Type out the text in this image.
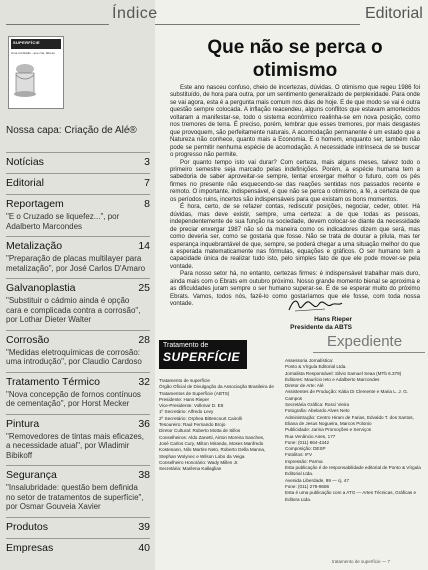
Índice	Editorial
SUPERFÍCIE
Uma confissão - que cria, fala ao
Nossa capa: Criação de Alé®
Notícias	3
Editorial	7
Reportagem	8
"E o Cruzado se liquefez...", por Adalberto Marcondes
Metalização	14
"Preparação de placas multilayer para metalização", por José Carlos D'Amaro
Galvanoplastia	25
"Substituir o cádmio ainda é opção cara e complicada contra a corrosão", por Lothar Dieter Walter
Corrosão	28
"Medidas eletroquímicas de corrosão: uma introdução", por Claudio Cardoso
Tratamento Térmico	32
"Nova concepção de fornos contínuos de cementação", por Horst Mecker
Pintura	36
"Removedores de tintas mais eficazes, a necessidade atual", por Wladimir Bibikoff
Segurança	38
"Insalubridade: questão bem definida no setor de tratamentos de superfície", por Osmar Gouveia Xavier
Produtos	39
Empresas	40
Que não se perca o otimismo

Este ano nasceu confuso, cheio de incertezas, dúvidas. O otimismo que regeu 1986 foi substituído, de hora para outra, por um sentimento generalizado de perplexidade. Para onde se vai agora, esta é a pergunta mais comum nos dias de hoje. E de que modo se vai é outra questão sempre colocada. A inflação reacendeu, alguns conflitos que estavam amortecidos voltaram a manifestar-se, todo o sistema econômico realinha-se em nova posição, como nos tremores de terra. É preciso, porém, lembrar que esses tremores, por mais desgastes que provoquem, são perfeitamente naturais. A acomodação permanente é um estado que a Natureza não conhece, quanto mais a Economia. E o homem, enquanto ser, também não pode se permitir nenhuma espécie de acomodação. A necessidade intrínseca de se buscar o progresso não permite.

Por quanto tempo isto vai durar? Com certeza, mais alguns meses, talvez todo o primeiro semestre seja marcado pelas indefinições. Porém, a espécie humana tem a sabedoria de saber aproveitar-se sempre, tentar enxergar melhor o futuro, com os pés firmes no presente não esquecendo-se das reações sentidas nos passados recente e remoto. O importante, indispensável, é que não se perca o otimismo, a fé, a certeza de que os períodos ruins, incertos são indispensáveis para que existam os bons momentos.

É hora, certo, de se refazer contas, rediscutir posições, negociar, ceder, obter. Há dúvidas, mas deve existir, sempre, uma certeza: a de que todas as pessoas, independentemente de sua função na sociedade, devem colocar-se diante da necessidade de preciar enxergar 1987 não só da maneira como os indicadores dizem que será, mas como deveria ser, como se gostaria que fosse. Não se trata de dourar a pílula, mas ter esperança inquebrantável de que, sempre, se poderá chegar a uma situação melhor do que a esperada matematicamente nas fórmulas, equações e gráficos. O ser humano tem a capacidade única de realizar tudo isto, pelo simples fato de que ele pode mover-se pela vontade.

Para nosso setor há, no entanto, certezas firmes: é indispensável trabalhar mais duro, ainda mais com o Ebrats em outubro próximo. Nosso grande momento bienal se aproxima e as dificuldades juram sempre o ser humano superar-se. É de se esperar muito do próximo Ebrats. Vamos, todos nós, fazê-lo como gostaríamos que ele fosse, com toda nossa vontade.

Hans Rieper
Presidente da ABTS
Expediente
Tratamento de
SUPERFÍCIE
Tratamento de superfície
Órgão Oficial de Divulgação da Associação Brasileira de Tratamentos de Superfície (ABTS)
Presidente: Hans Rieper
Vice-Presidente: Volkmar D. Ett
1º Secretário: Alfredo Levy
2º Secretário: Orphea Bittencourt Cairolli
Tesoureiro: Raul Fernando Brojo
Diretor Cultural: Roberto Motta de Sillos
Conselheiros: Aldo Zanetti, Airton Moreira Sanches, José Carlos Cury, Milton Miranda, Moses Manfredo Kostenann, Nilo Martire Neto, Roberto Della Manna, Stephan Wolynec e Wilson Lobo da Veiga
Conselheiro Honorário: Wady Millen Jr.
Secretária: Marilena Kallaglian
Assessoria Jornalística:
Ponto & Vírgula Editorial Ltda.
Jornalista Responsável: Silvio Samuel Seaa (MTb 6.379)
Editores: Maurício Ieto e Adalberto Marcondes
Diretor de Arte: Alé
Assistentes de Produção: Kátia Di Clemente e Maria L. J. G. Campos
Secretária Gráfica: Rosci Vieira
Fotografia: Abelardo Alves Neto
Administração: Centro Hiram de Farias, Edvaldo T. dos Santos, Eliana de Jesus Nogueira, Marcos Polonio
Publicidade: Jarina Promoções e Serviços
Rua Venâncio Aires, 177
Fone: (011) 864-4342
Composição: DESP
Fotolitos: IFV
Impressão: Parma
Esta publicação é de responsabilidade editorial de Ponto & Vírgula Editorial Ltda.
Avenida Liberdade, 99 — cj. 47
Fone: (011) 276-8686
Esta é uma publicação com a ATG — Artes Técnicas, Gráficas e Editora Ltda.
tratamento de superfície — 7
